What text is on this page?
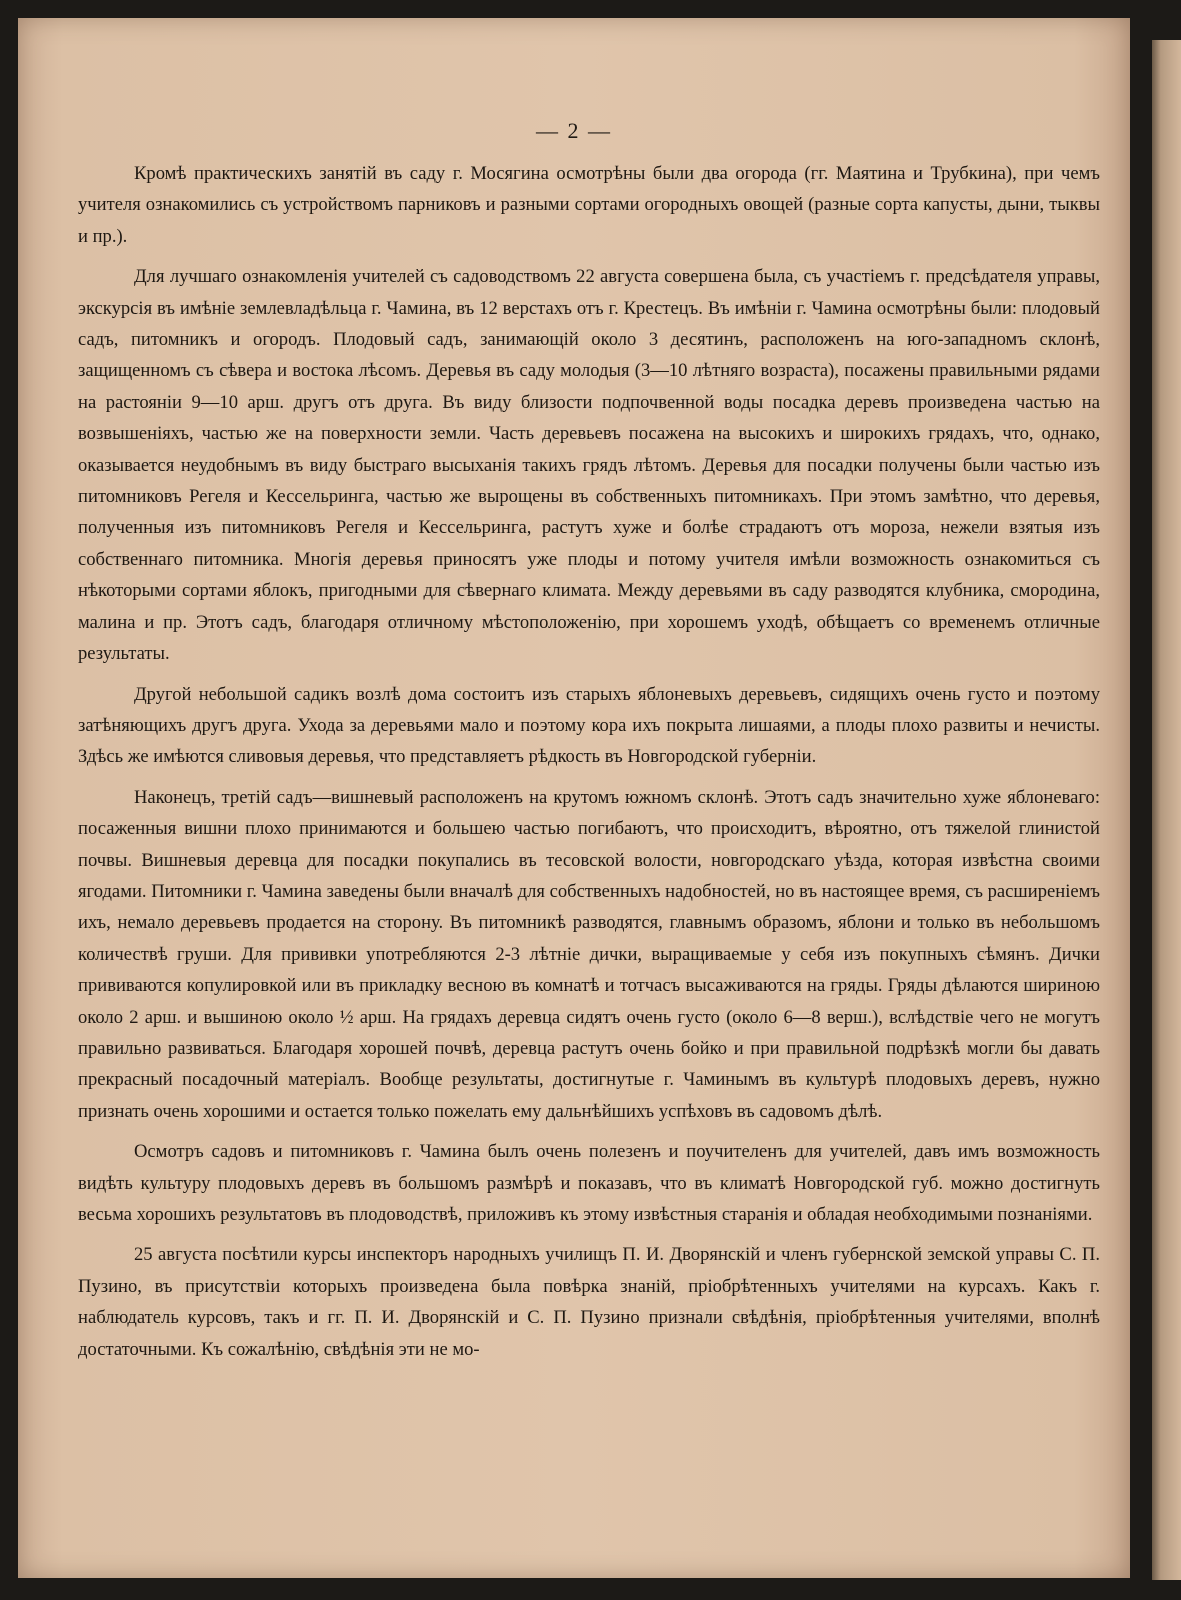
— 2 —

Кромѣ практическихъ занятій въ саду г. Мосягина осмотрѣны были два огорода (гг. Маятина и Трубкина), при чемъ учителя ознакомились съ устройствомъ парниковъ и разными сортами огородныхъ овощей (разные сорта капусты, дыни, тыквы и пр.).

Для лучшаго ознакомленія учителей съ садоводствомъ 22 августа совершена была, съ участіемъ г. предсѣдателя управы, экскурсія въ имѣніе землевладѣльца г. Чамина, въ 12 верстахъ отъ г. Крестецъ. Въ имѣніи г. Чамина осмотрѣны были: плодовый садъ, питомникъ и огородъ. Плодовый садъ, занимающій около 3 десятинъ, расположенъ на юго-западномъ склонѣ, защищенномъ съ сѣвера и востока лѣсомъ. Деревья въ саду молодыя (3—10 лѣтняго возраста), посажены правильными рядами на растояніи 9—10 арш. другъ отъ друга. Въ виду близости подпочвенной воды посадка деревъ произведена частью на возвышеніяхъ, частью же на поверхности земли. Часть деревьевъ посажена на высокихъ и широкихъ грядахъ, что, однако, оказывается неудобнымъ въ виду быстраго высыханія такихъ грядъ лѣтомъ. Деревья для посадки получены были частью изъ питомниковъ Регеля и Кессельринга, частью же вырощены въ собственныхъ питомникахъ. При этомъ замѣтно, что деревья, полученныя изъ питомниковъ Регеля и Кессельринга, растутъ хуже и болѣе страдаютъ отъ мороза, нежели взятыя изъ собственнаго питомника. Многія деревья приносятъ уже плоды и потому учителя имѣли возможность ознакомиться съ нѣкоторыми сортами яблокъ, пригодными для сѣвернаго климата. Между деревьями въ саду разводятся клубника, смородина, малина и пр. Этотъ садъ, благодаря отличному мѣстоположенію, при хорошемъ уходѣ, обѣщаетъ со временемъ отличные результаты.

Другой небольшой садикъ возлѣ дома состоитъ изъ старыхъ яблоневыхъ деревьевъ, сидящихъ очень густо и поэтому затѣняющихъ другъ друга. Ухода за деревьями мало и поэтому кора ихъ покрыта лишаями, а плоды плохо развиты и нечисты. Здѣсь же имѣются сливовыя деревья, что представляетъ рѣдкость въ Новгородской губерніи.

Наконецъ, третій садъ—вишневый расположенъ на крутомъ южномъ склонѣ. Этотъ садъ значительно хуже яблоневаго: посаженныя вишни плохо принимаются и большею частью погибаютъ, что происходитъ, вѣроятно, отъ тяжелой глинистой почвы. Вишневыя деревца для посадки покупались въ тесовской волости, новгородскаго уѣзда, которая извѣстна своими ягодами. Питомники г. Чамина заведены были вначалѣ для собственныхъ надобностей, но въ настоящее время, съ расширеніемъ ихъ, немало деревьевъ продается на сторону. Въ питомникѣ разводятся, главнымъ образомъ, яблони и только въ небольшомъ количествѣ груши. Для прививки употребляются 2-3 лѣтніе дички, выращиваемые у себя изъ покупныхъ сѣмянъ. Дички прививаются копулировкой или въ прикладку весною въ комнатѣ и тотчасъ высаживаются на гряды. Гряды дѣлаются шириною около 2 арш. и вышиною около ½ арш. На грядахъ деревца сидятъ очень густо (около 6—8 верш.), вслѣдствіе чего не могутъ правильно развиваться. Благодаря хорошей почвѣ, деревца растутъ очень бойко и при правильной подрѣзкѣ могли бы давать прекрасный посадочный матеріалъ. Вообще результаты, достигнутые г. Чаминымъ въ культурѣ плодовыхъ деревъ, нужно признать очень хорошими и остается только пожелать ему дальнѣйшихъ успѣховъ въ садовомъ дѣлѣ.

Осмотръ садовъ и питомниковъ г. Чамина былъ очень полезенъ и поучителенъ для учителей, давъ имъ возможность видѣть культуру плодовыхъ деревъ въ большомъ размѣрѣ и показавъ, что въ климатѣ Новгородской губ. можно достигнуть весьма хорошихъ результатовъ въ плодоводствѣ, приложивъ къ этому извѣстныя старанія и обладая необходимыми познаніями.

25 августа посѣтили курсы инспекторъ народныхъ училищъ П. И. Дворянскій и членъ губернской земской управы С. П. Пузино, въ присутствіи которыхъ произведена была повѣрка знаній, пріобрѣтенныхъ учителями на курсахъ. Какъ г. наблюдатель курсовъ, такъ и гг. П. И. Дворянскій и С. П. Пузино признали свѣдѣнія, пріобрѣтенныя учителями, вполнѣ достаточными. Къ сожалѣнію, свѣдѣнія эти не мо-
